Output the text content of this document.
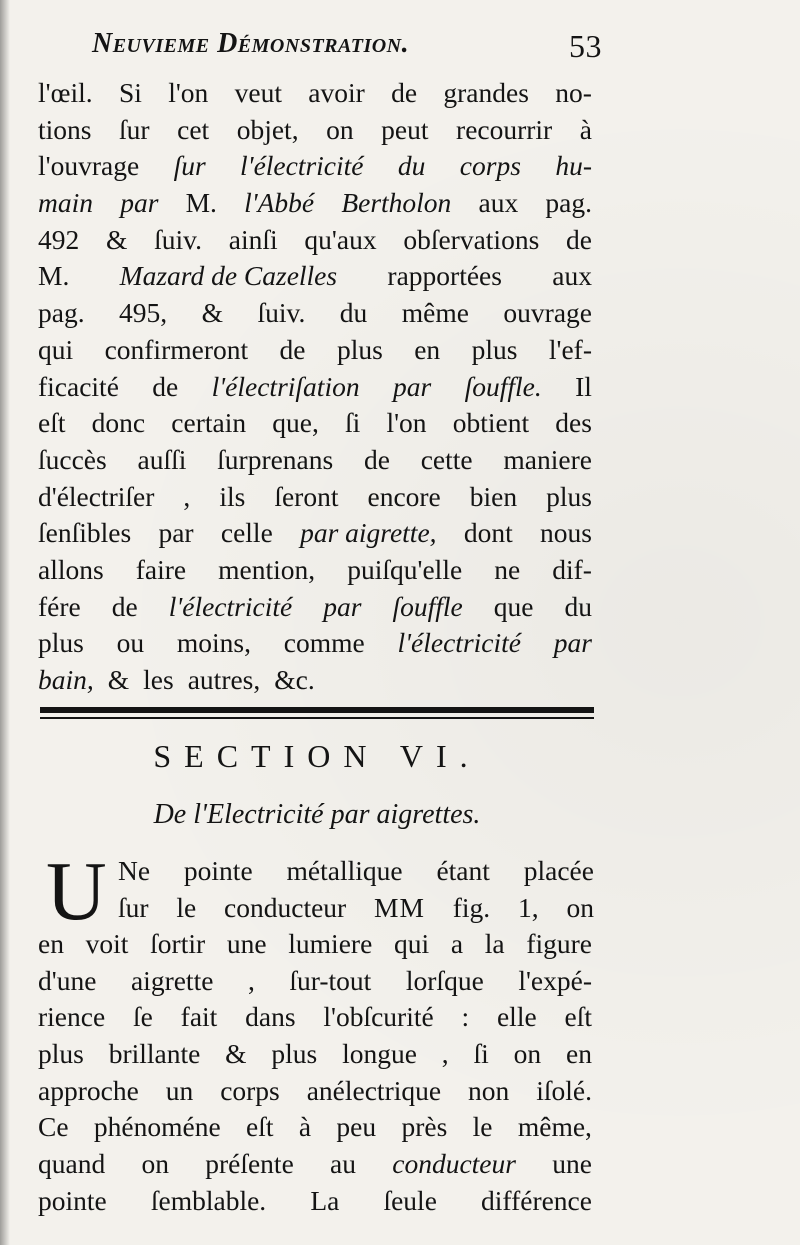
Neuvieme Démonstration.	53
l'œil. Si l'on veut avoir de grandes no-
tions ſur cet objet, on peut recourrir à
l'ouvrage ſur l'électricité du corps hu-
main par M. l'Abbé Bertholon aux pag.
492 & ſuiv. ainſi qu'aux obſervations de
M. Mazard de Cazelles rapportées aux
pag. 495, & ſuiv. du même ouvrage
qui confirmeront de plus en plus l'ef-
ficacité de l'électriſation par ſouffle. Il
eſt donc certain que, ſi l'on obtient des
ſuccès auſſi ſurprenans de cette maniere
d'électriſer , ils ſeront encore bien plus
ſenſibles par celle par aigrette, dont nous
allons faire mention, puiſqu'elle ne dif-
fére de l'électricité par ſouffle que du
plus ou moins, comme l'électricité par
bain, & les autres, &c.
SECTION VI.
De l'Electricité par aigrettes.
U Ne pointe métallique étant placée
ſur le conducteur MM fig. 1, on
en voit ſortir une lumiere qui a la figure
d'une aigrette , ſur-tout lorſque l'expé-
rience ſe fait dans l'obſcurité : elle eſt
plus brillante & plus longue , ſi on en
approche un corps anélectrique non iſolé.
Ce phénoméne eſt à peu près le même,
quand on préſente au conducteur une
pointe ſemblable. La ſeule différence
